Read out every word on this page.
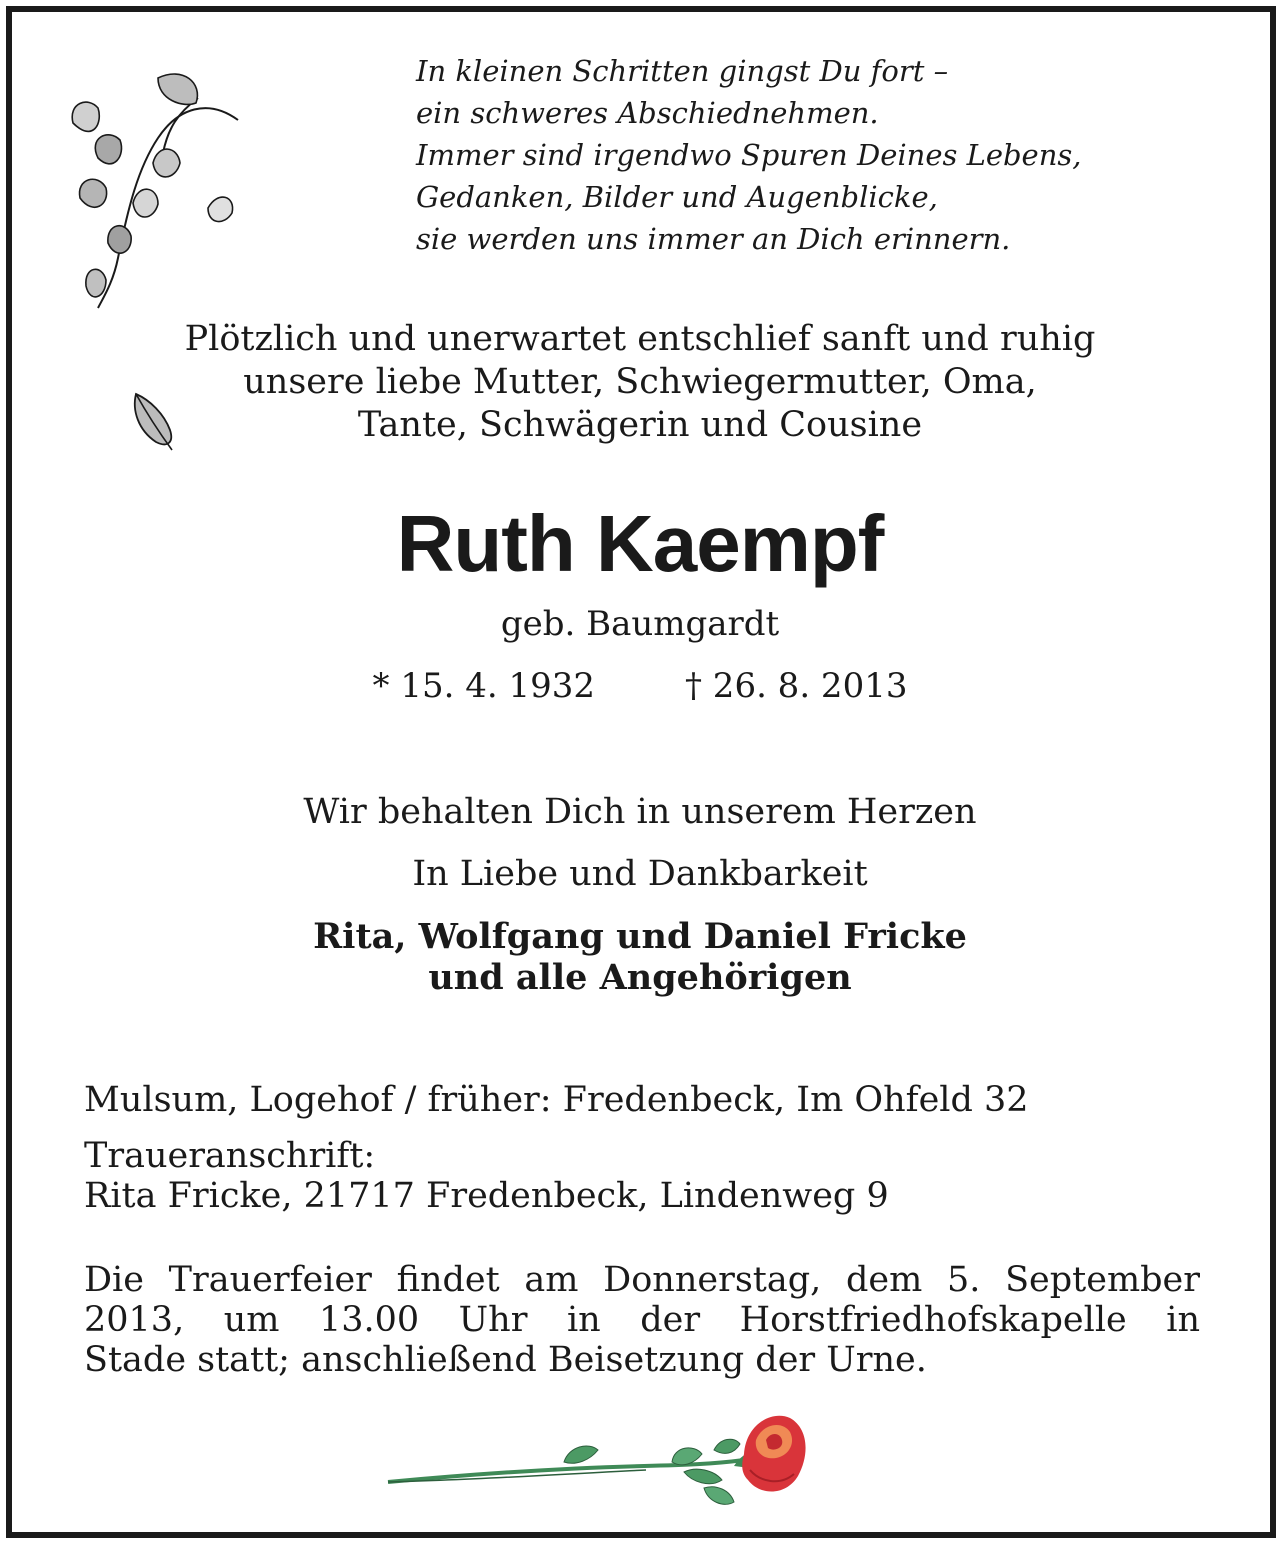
In kleinen Schritten gingst Du fort –
ein schweres Abschiednehmen.
Immer sind irgendwo Spuren Deines Lebens,
Gedanken, Bilder und Augenblicke,
sie werden uns immer an Dich erinnern.
Plötzlich und unerwartet entschlief sanft und ruhig
unsere liebe Mutter, Schwiegermutter, Oma,
Tante, Schwägerin und Cousine
Ruth Kaempf
geb. Baumgardt
* 15. 4. 1932	† 26. 8. 2013
Wir behalten Dich in unserem Herzen
In Liebe und Dankbarkeit
Rita, Wolfgang und Daniel Fricke
und alle Angehörigen
Mulsum, Logehof / früher: Fredenbeck, Im Ohfeld 32
Traueranschrift:
Rita Fricke, 21717 Fredenbeck, Lindenweg 9
Die Trauerfeier findet am Donnerstag, dem 5. September 2013, um 13.00 Uhr in der Horstfriedhofskapelle in
Stade statt; anschließend Beisetzung der Urne.
